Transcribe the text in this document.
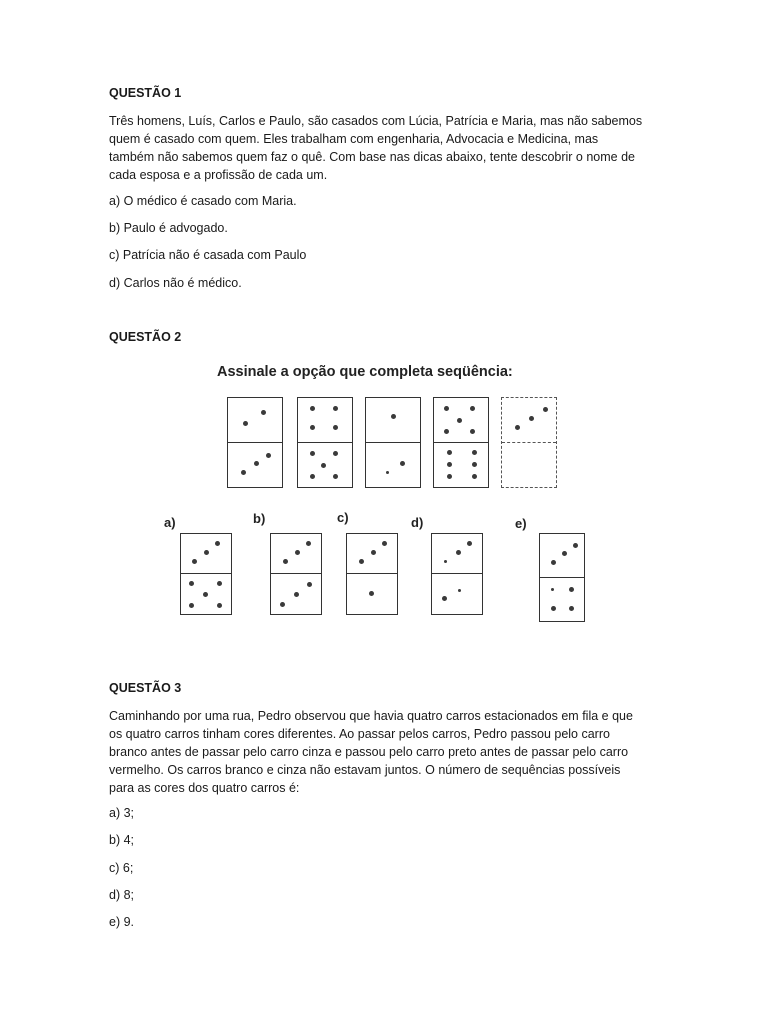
QUESTÃO 1
Três homens, Luís, Carlos e Paulo, são casados com Lúcia, Patrícia e Maria, mas não sabemos
quem é casado com quem. Eles trabalham com engenharia, Advocacia e Medicina, mas
também não sabemos quem faz o quê. Com base nas dicas abaixo, tente descobrir o nome de
cada esposa e a profissão de cada um.
a) O médico é casado com Maria.
b) Paulo é advogado.
c) Patrícia não é casada com Paulo
d) Carlos não é médico.
QUESTÃO 2
Assinale a opção que completa seqüência:
a)	b)	c)	d)	e)
QUESTÃO 3
Caminhando por uma rua, Pedro observou que havia quatro carros estacionados em fila e que
os quatro carros tinham cores diferentes. Ao passar pelos carros, Pedro passou pelo carro
branco antes de passar pelo carro cinza e passou pelo carro preto antes de passar pelo carro
vermelho. Os carros branco e cinza não estavam juntos. O número de sequências possíveis
para as cores dos quatro carros é:
a) 3;
b) 4;
c) 6;
d) 8;
e) 9.
